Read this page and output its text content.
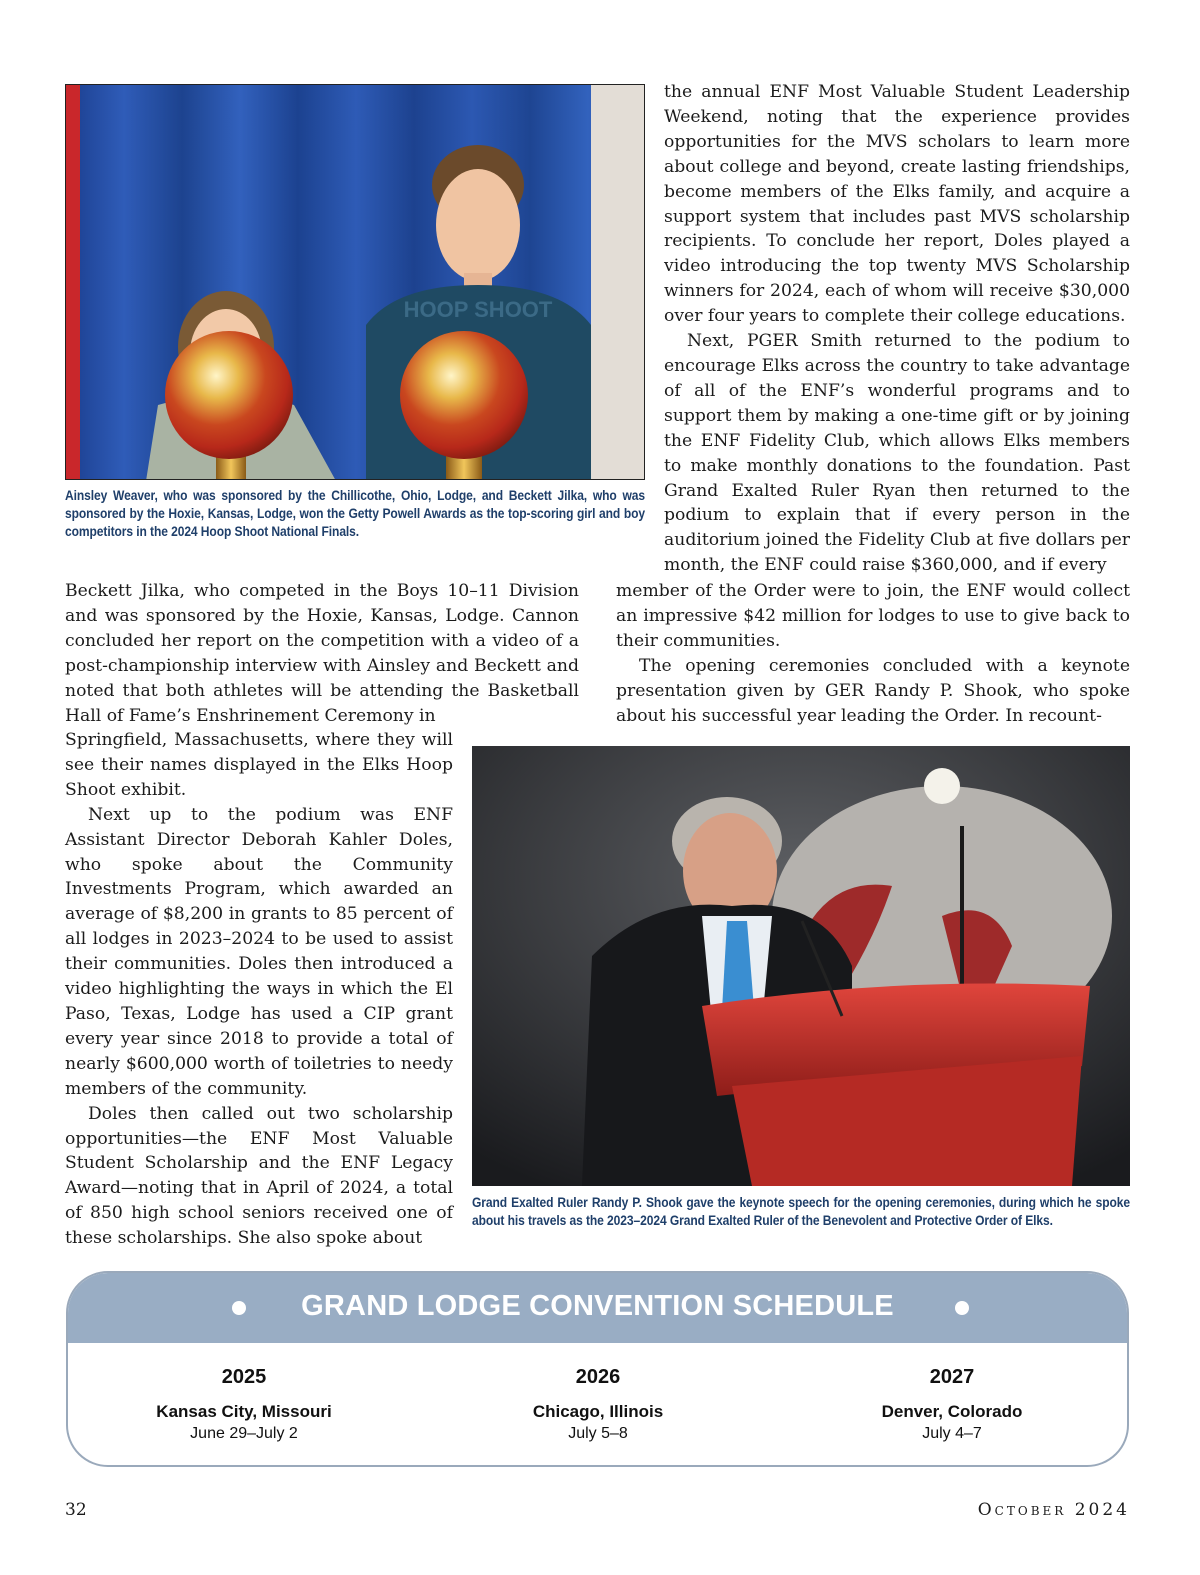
HOOP SHOOT
Ainsley Weaver, who was sponsored by the Chillicothe, Ohio, Lodge, and Beckett Jilka, who was sponsored by the Hoxie, Kansas, Lodge, won the Getty Powell Awards as the top-scoring girl and boy competitors in the 2024 Hoop Shoot National Finals.

the annual ENF Most Valuable Student Leadership Weekend, noting that the experience provides opportunities for the MVS scholars to learn more about college and beyond, create lasting friendships, become members of the Elks family, and acquire a support system that includes past MVS scholarship recipients. To conclude her report, Doles played a video introducing the top twenty MVS Scholarship winners for 2024, each of whom will receive $30,000 over four years to complete their college educations.

Next, PGER Smith returned to the podium to encourage Elks across the country to take advantage of all of the ENF’s wonderful programs and to support them by making a one-time gift or by joining the ENF Fidelity Club, which allows Elks members to make monthly donations to the foundation. Past Grand Exalted Ruler Ryan then returned to the podium to explain that if every person in the auditorium joined the Fidelity Club at five dollars per month, the ENF could raise $360,000, and if every

Beckett Jilka, who competed in the Boys 10–11 Division and was sponsored by the Hoxie, Kansas, Lodge. Cannon concluded her report on the competition with a video of a post-championship interview with Ainsley and Beckett and noted that both athletes will be attending the Basketball Hall of Fame’s Enshrinement Ceremony in

member of the Order were to join, the ENF would collect an impressive $42 million for lodges to use to give back to their communities.

The opening ceremonies concluded with a keynote presentation given by GER Randy P. Shook, who spoke about his successful year leading the Order. In recount-

Springfield, Massachusetts, where they will see their names displayed in the Elks Hoop Shoot exhibit.

Next up to the podium was ENF Assistant Director Deborah Kahler Doles, who spoke about the Community Investments Program, which awarded an average of $8,200 in grants to 85 percent of all lodges in 2023–2024 to be used to assist their communities. Doles then introduced a video highlighting the ways in which the El Paso, Texas, Lodge has used a CIP grant every year since 2018 to provide a total of nearly $600,000 worth of toiletries to needy members of the community.

Doles then called out two scholarship opportunities—the ENF Most Valuable Student Scholarship and the ENF Legacy Award—noting that in April of 2024, a total of 850 high school seniors received one of these scholarships. She also spoke about

Grand Exalted Ruler Randy P. Shook gave the keynote speech for the opening ceremonies, during which he spoke about his travels as the 2023–2024 Grand Exalted Ruler of the Benevolent and Protective Order of Elks.
GRAND LODGE CONVENTION SCHEDULE
2025
Kansas City, Missouri
June 29–July 2
2026
Chicago, Illinois
July 5–8
2027
Denver, Colorado
July 4–7
32	October 2024
